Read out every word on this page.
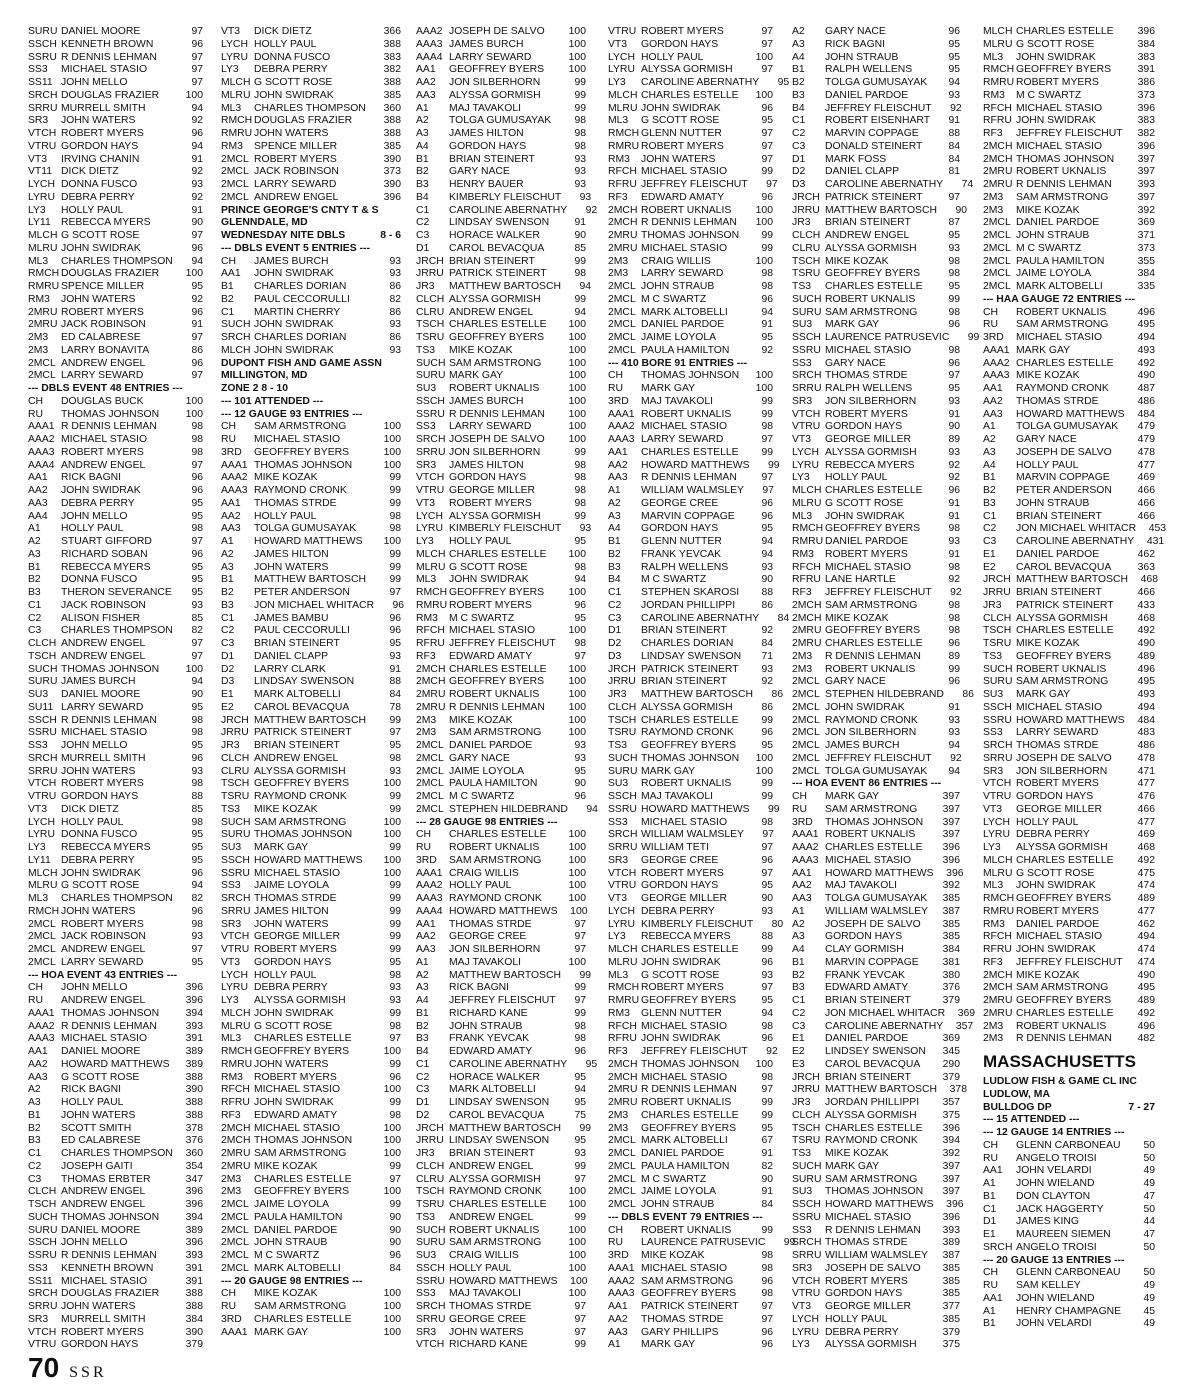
SURU DANIEL MOORE	97
SSCH KENNETH BROWN	96
SSRU R DENNIS LEHMAN	97
SS3	MICHAEL STASIO	97
SS11 JOHN MELLO	97
SRCH DOUGLAS FRAZIER	100
SRRU MURRELL SMITH	94
SR3	JOHN WATERS	92
VTCH ROBERT MYERS	96
VTRU GORDON HAYS	94
VT3	IRVING CHANIN	91
VT11 DICK DIETZ	92
LYCH DONNA FUSCO	93
LYRU DEBRA PERRY	92
LY3	HOLLY PAUL	91
LY11 REBECCA MYERS	90
MLCH G SCOTT ROSE	97
MLRU JOHN SWIDRAK	96
ML3	CHARLES THOMPSON	94
RMCH DOUGLAS FRAZIER	100
RMRU SPENCE MILLER	95
RM3	JOHN WATERS	92
2MRU ROBERT MYERS	96
2MRU JACK ROBINSON	91
2M3	ED CALABRESE	97
2M3	LARRY BONAVITA	86
2MCL ANDREW ENGEL	96
2MCL LARRY SEWARD	97
--- DBLS EVENT 48 ENTRIES ---
CH	DOUGLAS BUCK	100
RU	THOMAS JOHNSON	100
AAA1 R DENNIS LEHMAN	98
AAA2 MICHAEL STASIO	98
AAA3 ROBERT MYERS	98
AAA4 ANDREW ENGEL	97
AA1	RICK BAGNI	96
AA2	JOHN SWIDRAK	96
AA3	DEBRA PERRY	95
AA4	JOHN MELLO	95
A1	HOLLY PAUL	98
A2	STUART GIFFORD	97
A3	RICHARD SOBAN	96
B1	REBECCA MYERS	95
B2	DONNA FUSCO	95
B3	THERON SEVERANCE	95
C1	JACK ROBINSON	93
C2	ALISON FISHER	85
C3	CHARLES THOMPSON	82
CLCH ANDREW ENGEL	97
TSCH ANDREW ENGEL	97
SUCH THOMAS JOHNSON	100
SURU JAMES BURCH	94
SU3	DANIEL MOORE	90
SU11 LARRY SEWARD	95
SSCH R DENNIS LEHMAN	98
SSRU MICHAEL STASIO	98
SS3	JOHN MELLO	95
SRCH MURRELL SMITH	96
SRRU JOHN WATERS	93
VTCH ROBERT MYERS	98
VTRU GORDON HAYS	88
VT3	DICK DIETZ	85
LYCH HOLLY PAUL	98
LYRU DONNA FUSCO	95
LY3	REBECCA MYERS	95
LY11 DEBRA PERRY	95
MLCH JOHN SWIDRAK	96
MLRU G SCOTT ROSE	94
ML3	CHARLES THOMPSON	82
RMCH JOHN WATERS	96
2MCL ROBERT MYERS	98
2MCL JACK ROBINSON	93
2MCL ANDREW ENGEL	97
2MCL LARRY SEWARD	95
--- HOA EVENT 43 ENTRIES ---
CH	JOHN MELLO	396
RU	ANDREW ENGEL	396
AAA1 THOMAS JOHNSON	394
AAA2 R DENNIS LEHMAN	393
AAA3 MICHAEL STASIO	391
AA1	DANIEL MOORE	389
AA2	HOWARD MATTHEWS	389
AA3	G SCOTT ROSE	388
A2	RICK BAGNI	390
A3	HOLLY PAUL	388
B1	JOHN WATERS	388
B2	SCOTT SMITH	378
B3	ED CALABRESE	376
C1	CHARLES THOMPSON	360
C2	JOSEPH GAITI	354
C3	THOMAS ERBTER	347
CLCH ANDREW ENGEL	396
TSCH ANDREW ENGEL	396
SUCH THOMAS JOHNSON	394
SURU DANIEL MOORE	389
SSCH JOHN MELLO	396
SSRU R DENNIS LEHMAN	393
SS3	KENNETH BROWN	391
SS11 MICHAEL STASIO	391
SRCH DOUGLAS FRAZIER	388
SRRU JOHN WATERS	388
SR3	MURRELL SMITH	384
VTCH ROBERT MYERS	390
VTRU GORDON HAYS	379
VT3	DICK DIETZ	366
LYCH HOLLY PAUL	388
LYRU DONNA FUSCO	383
LY3	DEBRA PERRY	382
MLCH G SCOTT ROSE	388
MLRU JOHN SWIDRAK	385
ML3	CHARLES THOMPSON	360
RMCH DOUGLAS FRAZIER	388
RMRU JOHN WATERS	388
RM3	SPENCE MILLER	385
2MCL ROBERT MYERS	390
2MCL JACK ROBINSON	373
2MCL LARRY SEWARD	390
2MCL ANDREW ENGEL	396
PRINCE GEORGE'S CNTY T & S
GLENNDALE, MD
WEDNESDAY NITE DBLS	8 - 6
--- DBLS EVENT 5 ENTRIES ---
CH	JAMES BURCH	93
AA1	JOHN SWIDRAK	93
B1	CHARLES DORIAN	86
B2	PAUL CECCORULLI	82
C1	MARTIN CHERRY	86
SUCH JOHN SWIDRAK	93
SRCH CHARLES DORIAN	86
MLCH JOHN SWIDRAK	93
DUPONT FISH AND GAME ASSN
MILLINGTON, MD
ZONE 2 8 - 10
--- 101 ATTENDED ---
--- 12 GAUGE 93 ENTRIES ---
CH	SAM ARMSTRONG	100
RU	MICHAEL STASIO	100
3RD	GEOFFREY BYERS	100
AAA1 THOMAS JOHNSON	100
AAA2 MIKE KOZAK	99
AAA3 RAYMOND CRONK	99
AA1	THOMAS STRDE	99
AA2	HOLLY PAUL	98
AA3	TOLGA GUMUSAYAK	98
A1	HOWARD MATTHEWS	100
A2	JAMES HILTON	99
A3	JOHN WATERS	99
B1	MATTHEW BARTOSCH	99
B2	PETER ANDERSON	97
B3	JON MICHAEL WHITACR	96
C1	JAMES BAMBU	96
C2	PAUL CECCORULLI	96
C3	BRIAN STEINERT	95
D1	DANIEL CLAPP	93
D2	LARRY CLARK	91
D3	LINDSAY SWENSON	88
E1	MARK ALTOBELLI	84
E2	CAROL BEVACQUA	78
JRCH MATTHEW BARTOSCH	99
JRRU PATRICK STEINERT	97
JR3	BRIAN STEINERT	95
CLCH ANDREW ENGEL	98
CLRU ALYSSA GORMISH	93
TSCH GEOFFREY BYERS	100
TSRU RAYMOND CRONK	99
TS3	MIKE KOZAK	99
SUCH SAM ARMSTRONG	100
SURU THOMAS JOHNSON	100
SU3	MARK GAY	99
SSCH HOWARD MATTHEWS	100
SSRU MICHAEL STASIO	100
SS3	JAIME LOYOLA	99
SRCH THOMAS STRDE	99
SRRU JAMES HILTON	99
SR3	JOHN WATERS	99
VTCH GEORGE MILLER	99
VTRU ROBERT MYERS	99
VT3	GORDON HAYS	95
LYCH HOLLY PAUL	98
LYRU DEBRA PERRY	93
LY3	ALYSSA GORMISH	93
MLCH JOHN SWIDRAK	99
MLRU G SCOTT ROSE	98
ML3	CHARLES ESTELLE	97
RMCH GEOFFREY BYERS	100
RMRU JOHN WATERS	99
RM3	ROBERT MYERS	96
RFCH MICHAEL STASIO	100
RFRU JOHN SWIDRAK	99
RF3	EDWARD AMATY	98
2MCH MICHAEL STASIO	100
2MCH THOMAS JOHNSON	100
2MRU SAM ARMSTRONG	100
2MRU MIKE KOZAK	99
2M3	CHARLES ESTELLE	97
2M3	GEOFFREY BYERS	100
2MCL JAIME LOYOLA	99
2MCL PAULA HAMILTON	90
2MCL DANIEL PARDOE	90
2MCL JOHN STRAUB	90
2MCL M C SWARTZ	96
2MCL MARK ALTOBELLI	84
--- 20 GAUGE 98 ENTRIES ---
CH	MIKE KOZAK	100
RU	SAM ARMSTRONG	100
3RD	CHARLES ESTELLE	100
AAA1 MARK GAY	100
AAA2 JOSEPH DE SALVO	100
AAA3 JAMES BURCH	100
AAA4 LARRY SEWARD	100
AA1	GEOFFREY BYERS	100
AA2	JON SILBERHORN	99
AA3	ALYSSA GORMISH	99
A1	MAJ TAVAKOLI	99
A2	TOLGA GUMUSAYAK	98
A3	JAMES HILTON	98
A4	GORDON HAYS	98
B1	BRIAN STEINERT	93
B2	GARY NACE	93
B3	HENRY BAUER	93
B4	KIMBERLY FLEISCHUT	93
C1	CAROLINE ABERNATHY	92
C2	LINDSAY SWENSON	91
C3	HORACE WALKER	90
D1	CAROL BEVACQUA	85
JRCH BRIAN STEINERT	99
JRRU PATRICK STEINERT	98
JR3	MATTHEW BARTOSCH	94
CLCH ALYSSA GORMISH	99
CLRU ANDREW ENGEL	94
TSCH CHARLES ESTELLE	100
TSRU GEOFFREY BYERS	100
TS3	MIKE KOZAK	100
SUCH SAM ARMSTRONG	100
SURU MARK GAY	100
SU3	ROBERT UKNALIS	100
SSCH JAMES BURCH	100
SSRU R DENNIS LEHMAN	100
SS3	LARRY SEWARD	100
SRCH JOSEPH DE SALVO	100
SRRU JON SILBERHORN	99
SR3	JAMES HILTON	98
VTCH GORDON HAYS	98
VTRU GEORGE MILLER	98
VT3	ROBERT MYERS	98
LYCH ALYSSA GORMISH	99
LYRU KIMBERLY FLEISCHUT	93
LY3	HOLLY PAUL	95
MLCH CHARLES ESTELLE	100
MLRU G SCOTT ROSE	98
ML3	JOHN SWIDRAK	94
RMCH GEOFFREY BYERS	100
RMRU ROBERT MYERS	96
RM3	M C SWARTZ	95
RFCH MICHAEL STASIO	100
RFRU JEFFREY FLEISCHUT	98
RF3	EDWARD AMATY	97
2MCH CHARLES ESTELLE	100
2MCH GEOFFREY BYERS	100
2MRU ROBERT UKNALIS	100
2MRU R DENNIS LEHMAN	100
2M3	MIKE KOZAK	100
2M3	SAM ARMSTRONG	100
2MCL DANIEL PARDOE	93
2MCL GARY NACE	93
2MCL JAIME LOYOLA	95
2MCL PAULA HAMILTON	90
2MCL M C SWARTZ	96
2MCL STEPHEN HILDEBRAND	94
--- 28 GAUGE 98 ENTRIES ---
CH	CHARLES ESTELLE	100
RU	ROBERT UKNALIS	100
3RD	SAM ARMSTRONG	100
AAA1 CRAIG WILLIS	100
AAA2 HOLLY PAUL	100
AAA3 RAYMOND CRONK	100
AAA4 HOWARD MATTHEWS	100
AA1	THOMAS STRDE	97
AA2	GEORGE CREE	97
AA3	JON SILBERHORN	97
A1	MAJ TAVAKOLI	100
A2	MATTHEW BARTOSCH	99
A3	RICK BAGNI	99
A4	JEFFREY FLEISCHUT	97
B1	RICHARD KANE	99
B2	JOHN STRAUB	98
B3	FRANK YEVCAK	98
B4	EDWARD AMATY	96
C1	CAROLINE ABERNATHY	95
C2	HORACE WALKER	95
C3	MARK ALTOBELLI	94
D1	LINDSAY SWENSON	95
D2	CAROL BEVACQUA	75
JRCH MATTHEW BARTOSCH	99
JRRU LINDSAY SWENSON	95
JR3	BRIAN STEINERT	93
CLCH ANDREW ENGEL	99
CLRU ALYSSA GORMISH	97
TSCH RAYMOND CRONK	100
TSRU CHARLES ESTELLE	100
TS3	ANDREW ENGEL	99
SUCH ROBERT UKNALIS	100
SURU SAM ARMSTRONG	100
SU3	CRAIG WILLIS	100
SSCH HOLLY PAUL	100
SSRU HOWARD MATTHEWS	100
SS3	MAJ TAVAKOLI	100
SRCH THOMAS STRDE	97
SRRU GEORGE CREE	97
SR3	JOHN WATERS	97
VTCH RICHARD KANE	99
VTRU ROBERT MYERS	97
VT3	GORDON HAYS	97
LYCH HOLLY PAUL	100
LYRU ALYSSA GORMISH	97
LY3	CAROLINE ABERNATHY	95
MLCH CHARLES ESTELLE	100
MLRU JOHN SWIDRAK	96
ML3	G SCOTT ROSE	95
RMCH GLENN NUTTER	97
RMRU ROBERT MYERS	97
RM3	JOHN WATERS	97
RFCH MICHAEL STASIO	99
RFRU JEFFREY FLEISCHUT	97
RF3	EDWARD AMATY	96
2MCH ROBERT UKNALIS	100
2MCH R DENNIS LEHMAN	100
2MRU THOMAS JOHNSON	99
2MRU MICHAEL STASIO	99
2M3	CRAIG WILLIS	100
2M3	LARRY SEWARD	98
2MCL JOHN STRAUB	98
2MCL M C SWARTZ	96
2MCL MARK ALTOBELLI	94
2MCL DANIEL PARDOE	91
2MCL JAIME LOYOLA	95
2MCL PAULA HAMILTON	92
--- 410 BORE 91 ENTRIES ---
CH	THOMAS JOHNSON	100
RU	MARK GAY	100
3RD	MAJ TAVAKOLI	99
AAA1 ROBERT UKNALIS	99
AAA2 MICHAEL STASIO	98
AAA3 LARRY SEWARD	97
AA1	CHARLES ESTELLE	99
AA2	HOWARD MATTHEWS	99
AA3	R DENNIS LEHMAN	97
A1	WILLIAM WALMSLEY	97
A2	GEORGE CREE	96
A3	MARVIN COPPAGE	96
A4	GORDON HAYS	95
B1	GLENN NUTTER	94
B2	FRANK YEVCAK	94
B3	RALPH WELLENS	93
B4	M C SWARTZ	90
C1	STEPHEN SKAROSI	88
C2	JORDAN PHILLIPPI	86
C3	CAROLINE ABERNATHY	84
D1	BRIAN STEINERT	92
D2	CHARLES DORIAN	84
D3	LINDSAY SWENSON	71
JRCH PATRICK STEINERT	93
JRRU BRIAN STEINERT	92
JR3	MATTHEW BARTOSCH	86
CLCH ALYSSA GORMISH	86
TSCH CHARLES ESTELLE	99
TSRU RAYMOND CRONK	96
TS3	GEOFFREY BYERS	95
SUCH THOMAS JOHNSON	100
SURU MARK GAY	100
SU3	ROBERT UKNALIS	99
SSCH MAJ TAVAKOLI	99
SSRU HOWARD MATTHEWS	99
SS3	MICHAEL STASIO	98
SRCH WILLIAM WALMSLEY	97
SRRU WILLIAM TETI	97
SR3	GEORGE CREE	96
VTCH ROBERT MYERS	97
VTRU GORDON HAYS	95
VT3	GEORGE MILLER	90
LYCH DEBRA PERRY	93
LYRU KIMBERLY FLEISCHUT	80
LY3	REBECCA MYERS	88
MLCH CHARLES ESTELLE	99
MLRU JOHN SWIDRAK	96
ML3	G SCOTT ROSE	93
RMCH ROBERT MYERS	97
RMRU GEOFFREY BYERS	95
RM3	GLENN NUTTER	94
RFCH MICHAEL STASIO	98
RFRU JOHN SWIDRAK	96
RF3	JEFFREY FLEISCHUT	92
2MCH THOMAS JOHNSON	100
2MCH MICHAEL STASIO	98
2MRU R DENNIS LEHMAN	97
2MRU ROBERT UKNALIS	99
2M3	CHARLES ESTELLE	99
2M3	GEOFFREY BYERS	95
2MCL MARK ALTOBELLI	67
2MCL DANIEL PARDOE	91
2MCL PAULA HAMILTON	82
2MCL M C SWARTZ	90
2MCL JAIME LOYOLA	91
2MCL JOHN STRAUB	84
--- DBLS EVENT 79 ENTRIES ---
CH	ROBERT UKNALIS	99
RU	LAURENCE PATRUSEVIC	99
3RD	MIKE KOZAK	98
AAA1 MICHAEL STASIO	98
AAA2 SAM ARMSTRONG	96
AAA3 GEOFFREY BYERS	98
AA1	PATRICK STEINERT	97
AA2	THOMAS STRDE	97
AA3	GARY PHILLIPS	96
A1	MARK GAY	96
A2	GARY NACE	96
A3	RICK BAGNI	95
A4	JOHN STRAUB	95
B1	RALPH WELLENS	95
B2	TOLGA GUMUSAYAK	94
B3	DANIEL PARDOE	93
B4	JEFFREY FLEISCHUT	92
C1	ROBERT EISENHART	91
C2	MARVIN COPPAGE	88
C3	DONALD STEINERT	84
D1	MARK FOSS	84
D2	DANIEL CLAPP	81
D3	CAROLINE ABERNATHY	74
JRCH PATRICK STEINERT	97
JRRU MATTHEW BARTOSCH	90
JR3	BRIAN STEINERT	87
CLCH ANDREW ENGEL	95
CLRU ALYSSA GORMISH	93
TSCH MIKE KOZAK	98
TSRU GEOFFREY BYERS	98
TS3	CHARLES ESTELLE	95
SUCH ROBERT UKNALIS	99
SURU SAM ARMSTRONG	98
SU3	MARK GAY	96
SSCH LAURENCE PATRUSEVIC	99
SSRU MICHAEL STASIO	98
SS3	GARY NACE	96
SRCH THOMAS STRDE	97
SRRU RALPH WELLENS	95
SR3	JON SILBERHORN	93
VTCH ROBERT MYERS	91
VTRU GORDON HAYS	90
VT3	GEORGE MILLER	89
LYCH ALYSSA GORMISH	93
LYRU REBECCA MYERS	92
LY3	HOLLY PAUL	92
MLCH CHARLES ESTELLE	96
MLRU G SCOTT ROSE	91
ML3	JOHN SWIDRAK	91
RMCH GEOFFREY BYERS	98
RMRU DANIEL PARDOE	93
RM3	ROBERT MYERS	91
RFCH MICHAEL STASIO	98
RFRU LANE HARTLE	92
RF3	JEFFREY FLEISCHUT	92
2MCH SAM ARMSTRONG	98
2MCH MIKE KOZAK	98
2MRU GEOFFREY BYERS	98
2MRU CHARLES ESTELLE	96
2M3	R DENNIS LEHMAN	89
2M3	ROBERT UKNALIS	99
2MCL GARY NACE	96
2MCL STEPHEN HILDEBRAND	86
2MCL JOHN SWIDRAK	91
2MCL RAYMOND CRONK	93
2MCL JON SILBERHORN	93
2MCL JAMES BURCH	94
2MCL JEFFREY FLEISCHUT	92
2MCL TOLGA GUMUSAYAK	94
--- HOA EVENT 86 ENTRIES ---
CH	MARK GAY	397
RU	SAM ARMSTRONG	397
3RD	THOMAS JOHNSON	397
AAA1 ROBERT UKNALIS	397
AAA2 CHARLES ESTELLE	396
AAA3 MICHAEL STASIO	396
AA1	HOWARD MATTHEWS	396
AA2	MAJ TAVAKOLI	392
AA3	TOLGA GUMUSAYAK	385
A1	WILLIAM WALMSLEY	387
A2	JOSEPH DE SALVO	385
A3	GORDON HAYS	385
A4	CLAY GORMISH	384
B1	MARVIN COPPAGE	381
B2	FRANK YEVCAK	380
B3	EDWARD AMATY	376
C1	BRIAN STEINERT	379
C2	JON MICHAEL WHITACR	369
C3	CAROLINE ABERNATHY	357
E1	DANIEL PARDOE	369
E2	LINDSEY SWENSON	345
E3	CAROL BEVACQUA	290
JRCH BRIAN STEINERT	379
JRRU MATTHEW BARTOSCH	378
JR3	JORDAN PHILLIPPI	357
CLCH ALYSSA GORMISH	375
TSCH CHARLES ESTELLE	396
TSRU RAYMOND CRONK	394
TS3	MIKE KOZAK	392
SUCH MARK GAY	397
SURU SAM ARMSTRONG	397
SU3	THOMAS JOHNSON	397
SSCH HOWARD MATTHEWS	396
SSRU MICHAEL STASIO	396
SS3	R DENNIS LEHMAN	393
SRCH THOMAS STRDE	389
SRRU WILLIAM WALMSLEY	387
SR3	JOSEPH DE SALVO	385
VTCH ROBERT MYERS	385
VTRU GORDON HAYS	385
VT3	GEORGE MILLER	377
LYCH HOLLY PAUL	385
LYRU DEBRA PERRY	379
LY3	ALYSSA GORMISH	375
MLCH CHARLES ESTELLE	396
MLRU G SCOTT ROSE	384
ML3	JOHN SWIDRAK	383
RMCH GEOFFREY BYERS	391
RMRU ROBERT MYERS	386
RM3	M C SWARTZ	373
RFCH MICHAEL STASIO	396
RFRU JOHN SWIDRAK	383
RF3	JEFFREY FLEISCHUT	382
2MCH MICHAEL STASIO	396
2MCH THOMAS JOHNSON	397
2MRU ROBERT UKNALIS	397
2MRU R DENNIS LEHMAN	393
2M3	SAM ARMSTRONG	397
2M3	MIKE KOZAK	392
2MCL DANIEL PARDOE	369
2MCL JOHN STRAUB	371
2MCL M C SWARTZ	373
2MCL PAULA HAMILTON	355
2MCL JAIME LOYOLA	384
2MCL MARK ALTOBELLI	335
--- HAA GAUGE 72 ENTRIES ---
CH	ROBERT UKNALIS	496
RU	SAM ARMSTRONG	495
3RD	MICHAEL STASIO	494
AAA1 MARK GAY	493
AAA2 CHARLES ESTELLE	492
AAA3 MIKE KOZAK	490
AA1	RAYMOND CRONK	487
AA2	THOMAS STRDE	486
AA3	HOWARD MATTHEWS	484
A1	TOLGA GUMUSAYAK	479
A2	GARY NACE	479
A3	JOSEPH DE SALVO	478
A4	HOLLY PAUL	477
B1	MARVIN COPPAGE	469
B2	PETER ANDERSON	466
B3	JOHN STRAUB	466
C1	BRIAN STEINERT	466
C2	JON MICHAEL WHITACR	453
C3	CAROLINE ABERNATHY	431
E1	DANIEL PARDOE	462
E2	CAROL BEVACQUA	363
JRCH MATTHEW BARTOSCH	468
JRRU BRIAN STEINERT	466
JR3	PATRICK STEINERT	433
CLCH ALYSSA GORMISH	468
TSCH CHARLES ESTELLE	492
TSRU MIKE KOZAK	490
TS3	GEOFFREY BYERS	489
SUCH ROBERT UKNALIS	496
SURU SAM ARMSTRONG	495
SU3	MARK GAY	493
SSCH MICHAEL STASIO	494
SSRU HOWARD MATTHEWS	484
SS3	LARRY SEWARD	483
SRCH THOMAS STRDE	486
SRRU JOSEPH DE SALVO	478
SR3	JON SILBERHORN	471
VTCH ROBERT MYERS	477
VTRU GORDON HAYS	476
VT3	GEORGE MILLER	466
LYCH HOLLY PAUL	477
LYRU DEBRA PERRY	469
LY3	ALYSSA GORMISH	468
MLCH CHARLES ESTELLE	492
MLRU G SCOTT ROSE	475
ML3	JOHN SWIDRAK	474
RMCH GEOFFREY BYERS	489
RMRU ROBERT MYERS	477
RM3	DANIEL PARDOE	462
RFCH MICHAEL STASIO	494
RFRU JOHN SWIDRAK	474
RF3	JEFFREY FLEISCHUT	474
2MCH MIKE KOZAK	490
2MCH SAM ARMSTRONG	495
2MRU GEOFFREY BYERS	489
2MRU CHARLES ESTELLE	492
2M3	ROBERT UKNALIS	496
2M3	R DENNIS LEHMAN	482
MASSACHUSETTS
LUDLOW FISH & GAME CL INC
LUDLOW, MA
BULLDOG DP	7 - 27
--- 15 ATTENDED ---
--- 12 GAUGE 14 ENTRIES ---
CH	GLENN CARBONEAU	50
RU	ANGELO TROISI	50
AA1	JOHN VELARDI	49
A1	JOHN WIELAND	49
B1	DON CLAYTON	47
C1	JACK HAGGERTY	50
D1	JAMES KING	44
E1	MAUREEN SIEMEN	47
SRCH ANGELO TROISI	50
--- 20 GAUGE 13 ENTRIES ---
CH	GLENN CARBONEAU	50
RU	SAM KELLEY	49
AA1	JOHN WIELAND	49
A1	HENRY CHAMPAGNE	45
B1	JOHN VELARDI	49
70 SSR
